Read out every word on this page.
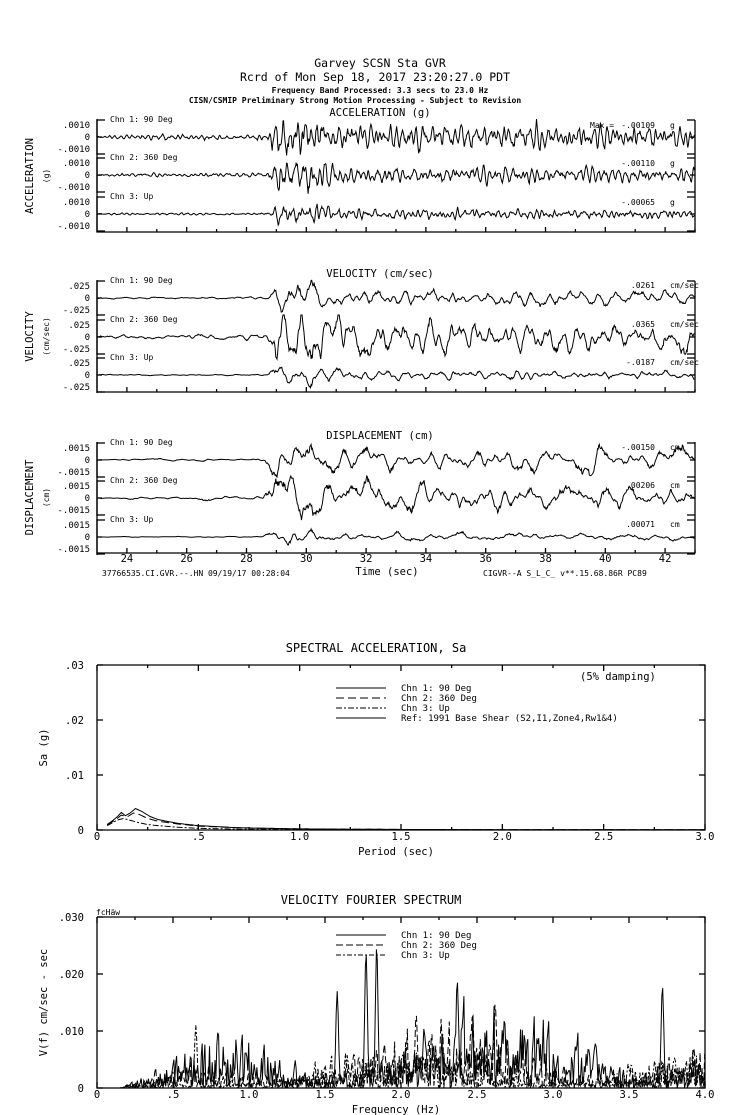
Garvey SCSN Sta GVR
Rcrd of Mon Sep 18, 2017 23:20:27.0 PDT
Frequency Band Processed: 3.3 secs to 23.0 Hz
CISN/CSMIP Preliminary Strong Motion Processing - Subject to Revision
37766535.CI.GVR.--.HN 09/19/17 00:28:04	CIGVR--A S_L_C_ v**.15.68.86R PC89
ACCELERATION (g)
ACCELERATION (g)
.0010
0
-.0010
Chn 1: 90 Deg
-.00109 g
Max =
.0010
0
-.0010
Chn 2: 360 Deg
-.00110 g
.0010
0
-.0010
Chn 3: Up
-.00065 g
VELOCITY (cm/sec)
VELOCITY (cm/sec)
.025
0
-.025
Chn 1: 90 Deg
.0261 cm/sec
.025
0
-.025
Chn 2: 360 Deg
.0365 cm/sec
.025
0
-.025
Chn 3: Up
-.0187 cm/sec
DISPLACEMENT (cm)
DISPLACEMENT (cm)
.0015
0
-.0015
Chn 1: 90 Deg
-.00150 cm
.0015
0
-.0015
Chn 2: 360 Deg
.00206 cm
.0015
0
-.0015
Chn 3: Up
.00071 cm
24	26	28	30	32	34	36	38	40	42
Time (sec)
SPECTRAL ACCELERATION, Sa
0	.5	1.0	1.5	2.0	2.5	3.0
0
.01
.02
.03
Period (sec)
Sa (g)
Chn 1: 90 Deg
Chn 2: 360 Deg
Chn 3: Up
Ref: 1991 Base Shear (S2,I1,Zone4,Rw1&4)
VELOCITY FOURIER SPECTRUM
0	.5	1.0	1.5	2.0	2.5	3.0	3.5	4.0
0
.010
.020
.030
Frequency (Hz)
V(f) cm/sec - sec
Chn 1: 90 Deg
Chn 2: 360 Deg
Chn 3: Up
fcHäw
(5% damping)
